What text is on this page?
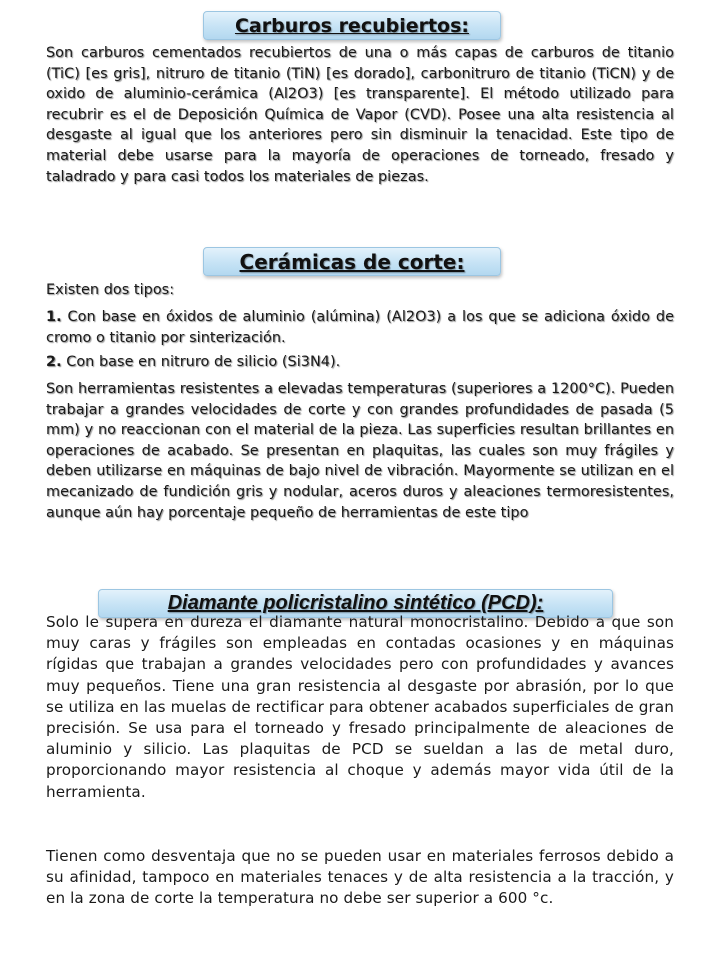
Carburos recubiertos:

Son carburos cementados recubiertos de una o más capas de carburos de titanio (TiC) [es gris], nitruro de titanio (TiN) [es dorado], carbonitruro de titanio (TiCN) y de oxido de aluminio-cerámica (Al2O3) [es transparente]. El método utilizado para recubrir es el de Deposición Química de Vapor (CVD). Posee una alta resistencia al desgaste al igual que los anteriores pero sin disminuir la tenacidad. Este tipo de material debe usarse para la mayoría de operaciones de torneado, fresado y taladrado y para casi todos los materiales de piezas.

Cerámicas de corte:

Existen dos tipos:

1. Con base en óxidos de aluminio (alúmina) (Al2O3) a los que se adiciona óxido de cromo o titanio por sinterización.

2. Con base en nitruro de silicio (Si3N4).

Son herramientas resistentes a elevadas temperaturas (superiores a 1200°C). Pueden trabajar a grandes velocidades de corte y con grandes profundidades de pasada (5 mm) y no reaccionan con el material de la pieza. Las superficies resultan brillantes en operaciones de acabado. Se presentan en plaquitas, las cuales son muy frágiles y deben utilizarse en máquinas de bajo nivel de vibración. Mayormente se utilizan en el mecanizado de fundición gris y nodular, aceros duros y aleaciones termoresistentes, aunque aún hay porcentaje pequeño de herramientas de este tipo

Diamante policristalino sintético (PCD):

Solo le supera en dureza el diamante natural monocristalino. Debido a que son muy caras y frágiles son empleadas en contadas ocasiones y en máquinas rígidas que trabajan a grandes velocidades pero con profundidades y avances muy pequeños. Tiene una gran resistencia al desgaste por abrasión, por lo que se utiliza en las muelas de rectificar para obtener acabados superficiales de gran precisión. Se usa para el torneado y fresado principalmente de aleaciones de aluminio y silicio. Las plaquitas de PCD se sueldan a las de metal duro, proporcionando mayor resistencia al choque y además mayor vida útil de la herramienta.

Tienen como desventaja que no se pueden usar en materiales ferrosos debido a su afinidad, tampoco en materiales tenaces y de alta resistencia a la tracción, y en la zona de corte la temperatura no debe ser superior a 600 °c.
